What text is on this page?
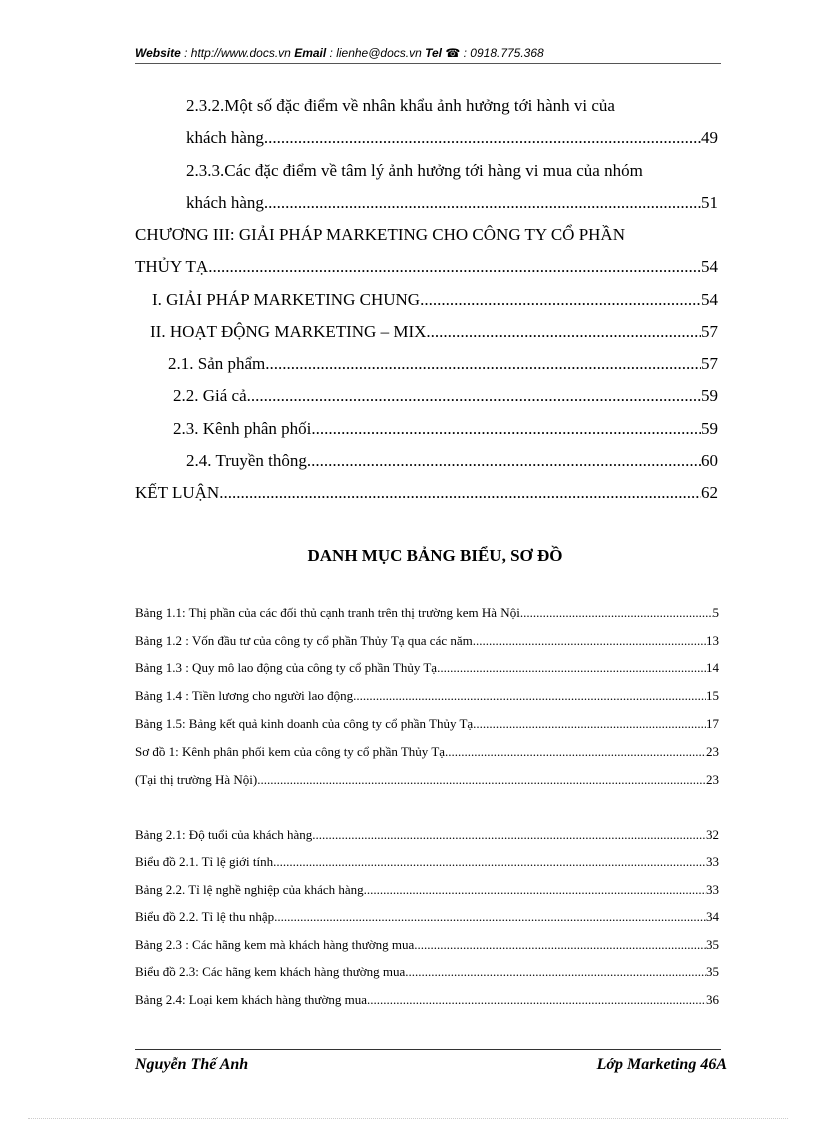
Website : http://www.docs.vn Email : lienhe@docs.vn Tel ☎ : 0918.775.368
2.3.2.Một số đặc điểm về nhân khẩu ảnh hưởng tới hành vi của
khách hàng .....	49
2.3.3.Các đặc điểm về tâm lý ảnh hưởng tới hàng vi mua của nhóm
khách hàng .....	51
CHƯƠNG III: GIẢI PHÁP MARKETING CHO CÔNG TY CỔ PHẦN
THỦY TẠ .....	54
I. GIẢI PHÁP MARKETING CHUNG .....	54
II. HOẠT ĐỘNG MARKETING – MIX .....	57
2.1. Sản phẩm .....	57
2.2. Giá cả .....	59
2.3. Kênh phân phối .....	59
2.4. Truyền thông .....	60
KẾT LUẬN .....	62
DANH MỤC BẢNG BIỂU, SƠ ĐỒ
Bảng 1.1: Thị phần của các đối thủ cạnh tranh trên thị trường kem Hà Nội .....	5
Bảng 1.2 : Vốn đầu tư của công ty cổ phần Thủy Tạ qua các năm .....	13
Bảng 1.3 : Quy mô lao động của công ty cổ phần Thủy Tạ .....	14
Bảng 1.4 : Tiền lương cho người lao động .....	15
Bảng 1.5: Bảng kết quả kinh doanh của công ty cổ phần Thủy Tạ .....	17
Sơ đồ 1: Kênh phân phối kem của công ty cổ phần Thủy Tạ .....	23
(Tại thị trường Hà Nội) .....	23
Bảng 2.1: Độ tuổi của khách hàng .....	32
Biểu đồ 2.1. Tỉ lệ giới tính .....	33
Bảng 2.2. Tỉ lệ nghề nghiệp của khách hàng .....	33
Biểu đồ 2.2. Tỉ lệ thu nhập .....	34
Bảng 2.3 : Các hãng kem mà khách hàng thường mua .....	35
Biểu đồ 2.3: Các hãng kem khách hàng thường mua .....	35
Bảng 2.4: Loại kem khách hàng thường mua .....	36
Nguyễn Thế Anh	Lớp Marketing 46A
